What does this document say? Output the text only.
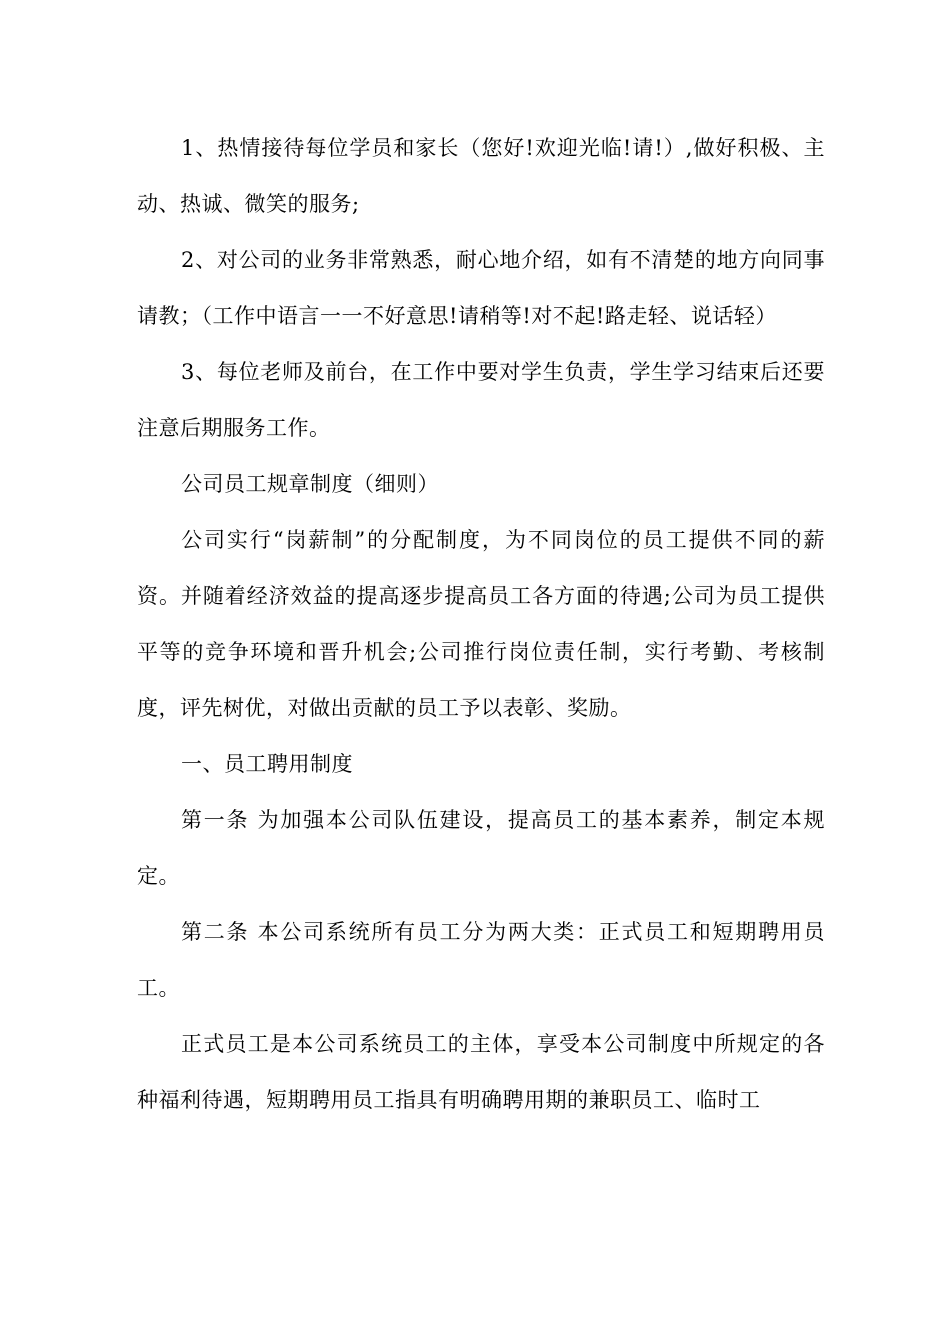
1、热情接待每位学员和家长（您好!欢迎光临!请!）,做好积极、主动、热诚、微笑的服务;

2、对公司的业务非常熟悉，耐心地介绍，如有不清楚的地方向同事请教；（工作中语言一一不好意思!请稍等!对不起!路走轻、说话轻）

3、每位老师及前台，在工作中要对学生负责，学生学习结束后还要注意后期服务工作。

公司员工规章制度（细则）

公司实行“岗薪制”的分配制度，为不同岗位的员工提供不同的薪资。并随着经济效益的提高逐步提高员工各方面的待遇;公司为员工提供平等的竞争环境和晋升机会;公司推行岗位责任制，实行考勤、考核制度，评先树优，对做出贡献的员工予以表彰、奖励。

一、员工聘用制度

第一条 为加强本公司队伍建设，提高员工的基本素养，制定本规定。

第二条 本公司系统所有员工分为两大类：正式员工和短期聘用员工。

正式员工是本公司系统员工的主体，享受本公司制度中所规定的各种福利待遇，短期聘用员工指具有明确聘用期的兼职员工、临时工
